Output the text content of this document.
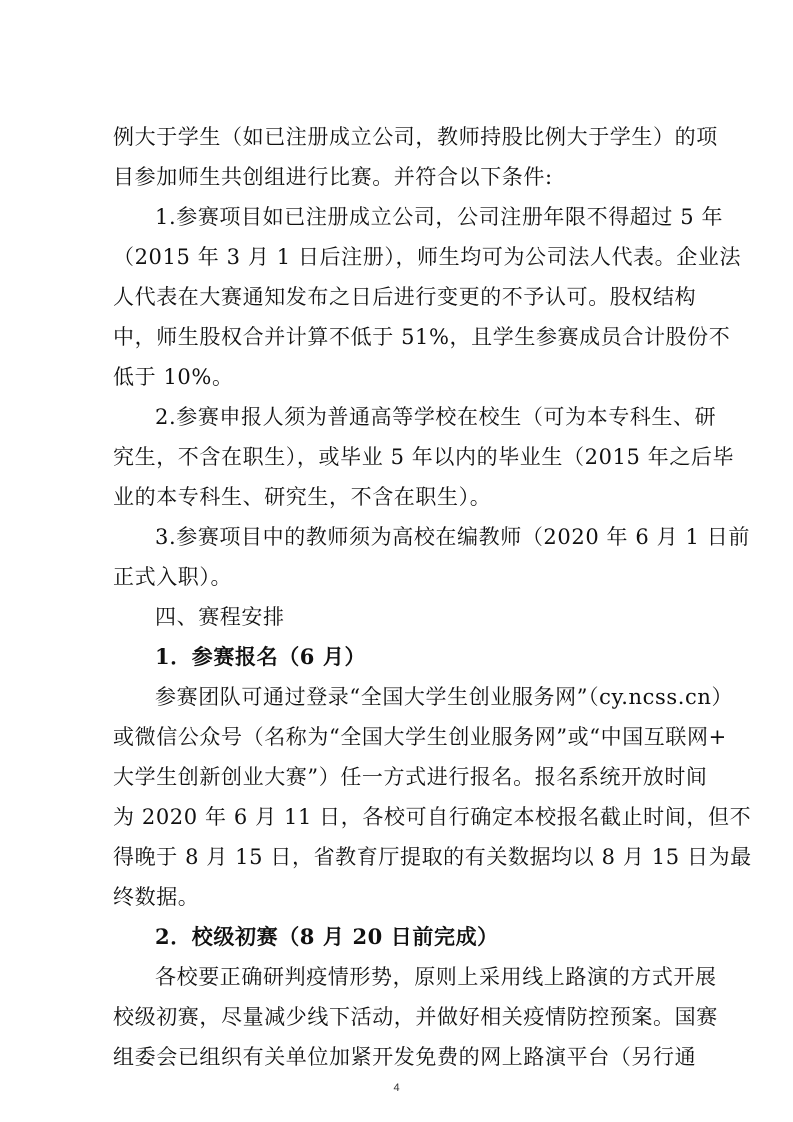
例大于学生（如已注册成立公司，教师持股比例大于学生）的项
目参加师生共创组进行比赛。并符合以下条件:
1.参赛项目如已注册成立公司，公司注册年限不得超过 5 年
（2015 年 3 月 1 日后注册），师生均可为公司法人代表。企业法
人代表在大赛通知发布之日后进行变更的不予认可。股权结构
中，师生股权合并计算不低于 51%，且学生参赛成员合计股份不
低于 10%。
2.参赛申报人须为普通高等学校在校生（可为本专科生、研
究生，不含在职生），或毕业 5 年以内的毕业生（2015 年之后毕
业的本专科生、研究生，不含在职生）。
3.参赛项目中的教师须为高校在编教师（2020 年 6 月 1 日前
正式入职）。
四、赛程安排
1．参赛报名（6 月）
参赛团队可通过登录“全国大学生创业服务网”（cy.ncss.cn）
或微信公众号（名称为“全国大学生创业服务网”或“中国互联网+
大学生创新创业大赛”）任一方式进行报名。报名系统开放时间
为 2020 年 6 月 11 日，各校可自行确定本校报名截止时间，但不
得晚于 8 月 15 日，省教育厅提取的有关数据均以 8 月 15 日为最
终数据。
2．校级初赛（8 月 20 日前完成）
各校要正确研判疫情形势，原则上采用线上路演的方式开展
校级初赛，尽量减少线下活动，并做好相关疫情防控预案。国赛
组委会已组织有关单位加紧开发免费的网上路演平台（另行通
4
